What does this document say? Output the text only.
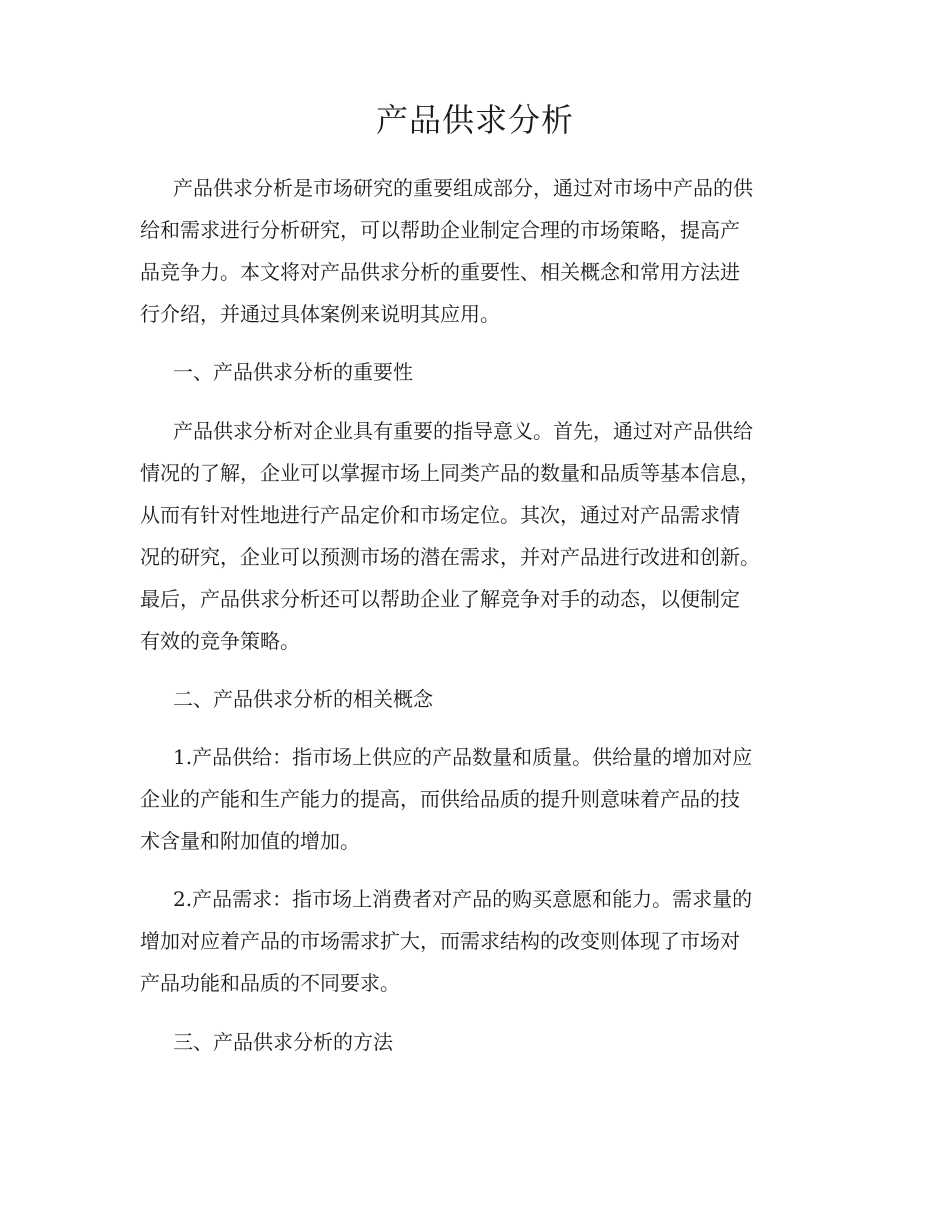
产品供求分析

产品供求分析是市场研究的重要组成部分，通过对市场中产品的供

给和需求进行分析研究，可以帮助企业制定合理的市场策略，提高产

品竞争力。本文将对产品供求分析的重要性、相关概念和常用方法进

行介绍，并通过具体案例来说明其应用。

一、产品供求分析的重要性

产品供求分析对企业具有重要的指导意义。首先，通过对产品供给

情况的了解，企业可以掌握市场上同类产品的数量和品质等基本信息，

从而有针对性地进行产品定价和市场定位。其次，通过对产品需求情

况的研究，企业可以预测市场的潜在需求，并对产品进行改进和创新。

最后，产品供求分析还可以帮助企业了解竞争对手的动态，以便制定

有效的竞争策略。

二、产品供求分析的相关概念

1.产品供给：指市场上供应的产品数量和质量。供给量的增加对应

企业的产能和生产能力的提高，而供给品质的提升则意味着产品的技

术含量和附加值的增加。

2.产品需求：指市场上消费者对产品的购买意愿和能力。需求量的

增加对应着产品的市场需求扩大，而需求结构的改变则体现了市场对

产品功能和品质的不同要求。

三、产品供求分析的方法
